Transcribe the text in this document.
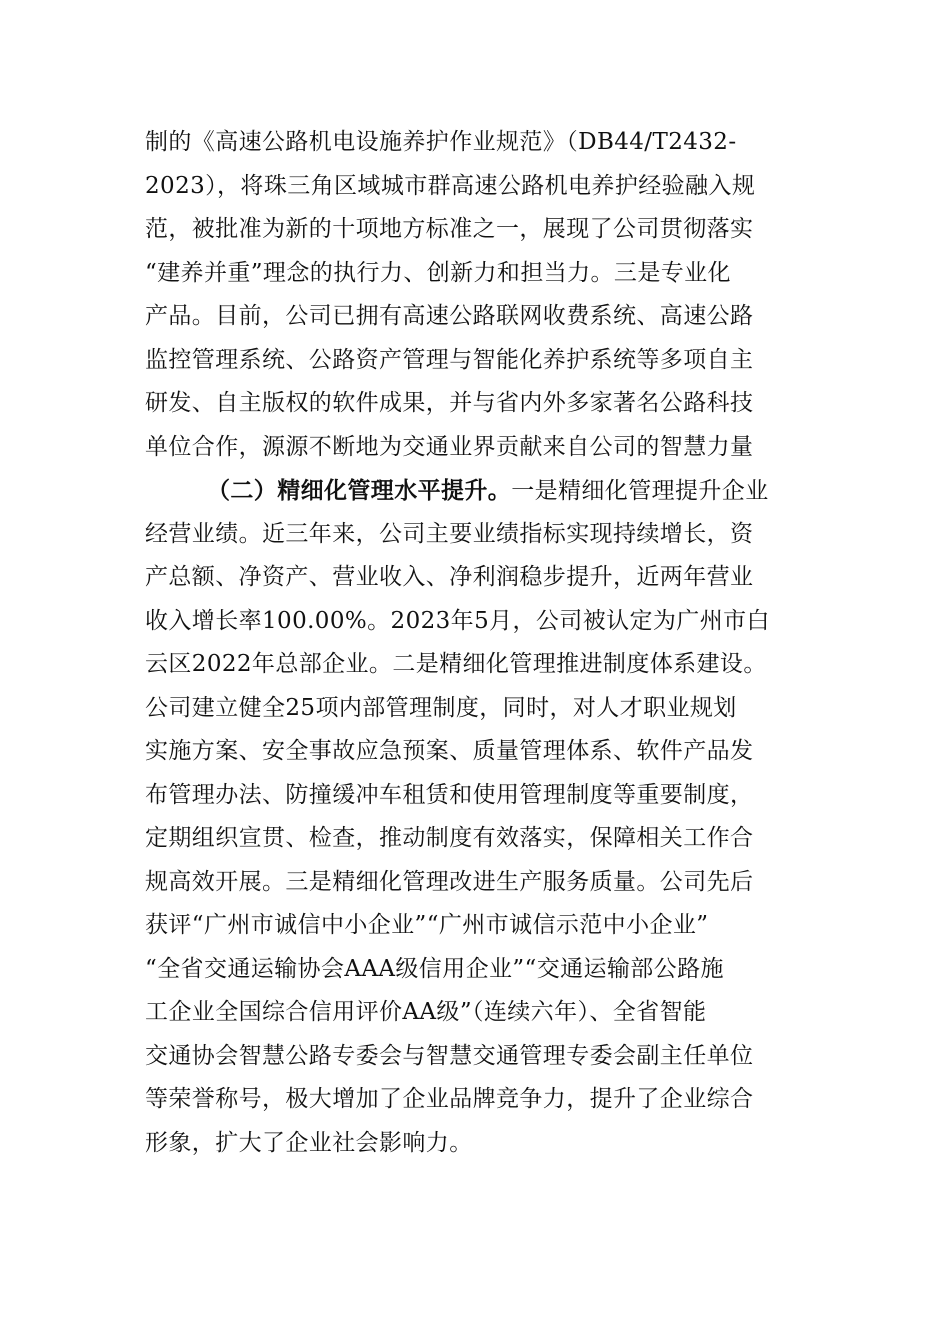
制的《高速公路机电设施养护作业规范》（DB44/T2432-
2023），将珠三角区域城市群高速公路机电养护经验融入规
范，被批准为新的十项地方标准之一，展现了公司贯彻落实
“建养并重”理念的执行力、创新力和担当力。三是专业化
产品。目前，公司已拥有高速公路联网收费系统、高速公路
监控管理系统、公路资产管理与智能化养护系统等多项自主
研发、自主版权的软件成果，并与省内外多家著名公路科技
单位合作，源源不断地为交通业界贡献来自公司的智慧力量
（二）精细化管理水平提升。一是精细化管理提升企业
经营业绩。近三年来，公司主要业绩指标实现持续增长，资
产总额、净资产、营业收入、净利润稳步提升，近两年营业
收入增长率100.00%。2023年5月，公司被认定为广州市白
云区2022年总部企业。二是精细化管理推进制度体系建设。
公司建立健全25项内部管理制度，同时，对人才职业规划
实施方案、安全事故应急预案、质量管理体系、软件产品发
布管理办法、防撞缓冲车租赁和使用管理制度等重要制度，
定期组织宣贯、检查，推动制度有效落实，保障相关工作合
规高效开展。三是精细化管理改进生产服务质量。公司先后
获评“广州市诚信中小企业”“广州市诚信示范中小企业”
“全省交通运输协会AAA级信用企业”“交通运输部公路施
工企业全国综合信用评价AA级”（连续六年）、全省智能
交通协会智慧公路专委会与智慧交通管理专委会副主任单位
等荣誉称号，极大增加了企业品牌竞争力，提升了企业综合
形象，扩大了企业社会影响力。
